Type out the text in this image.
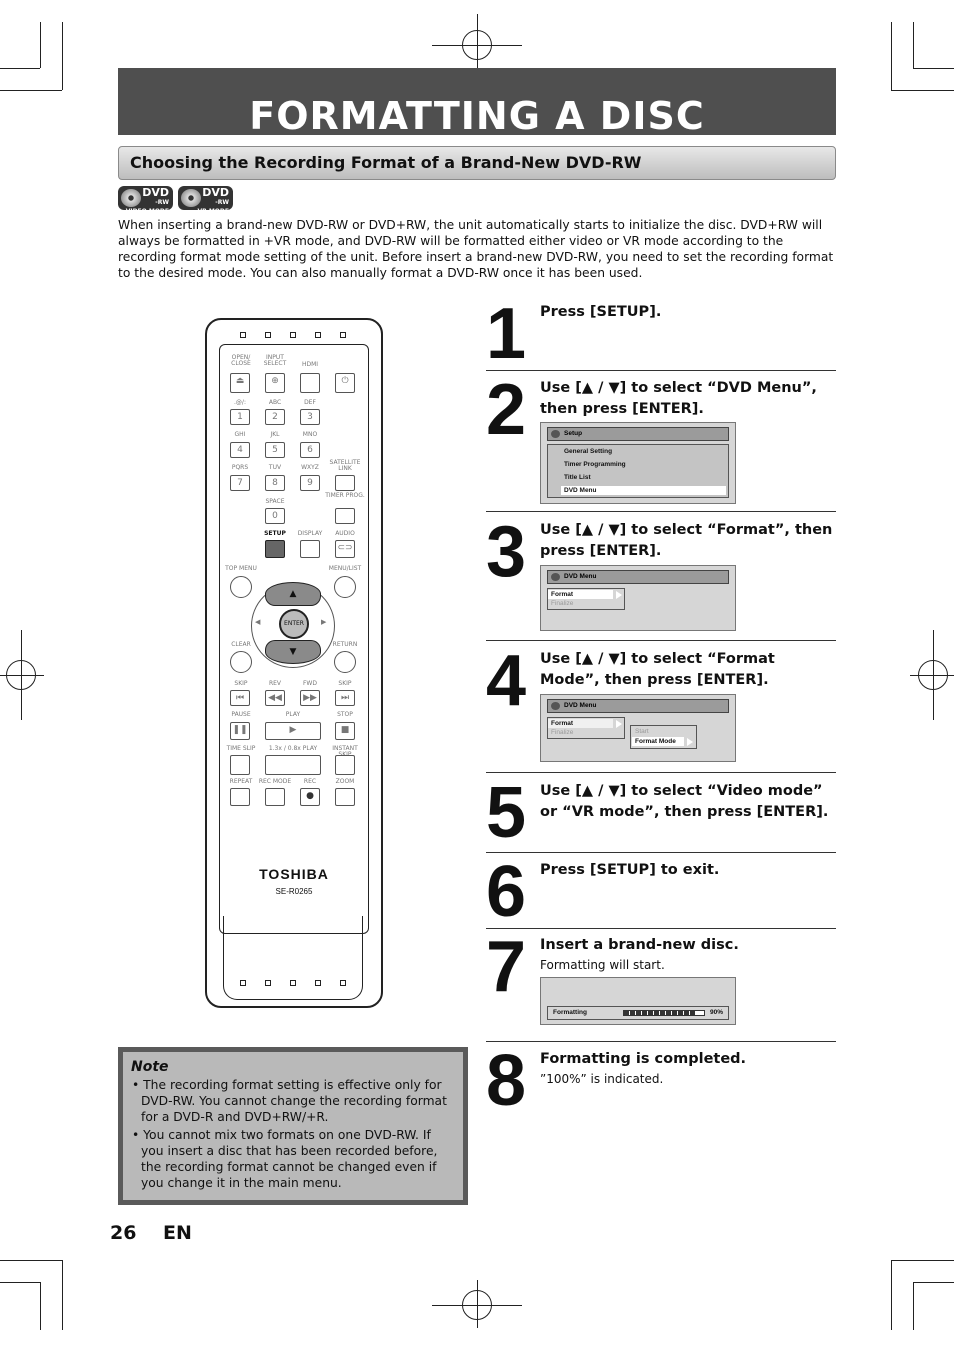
FORMATTING A DISC
Choosing the Recording Format of a Brand-New DVD-RW
DVD
-RW
VIDEO MODE
DVD
-RW
VR MODE

When inserting a brand-new DVD-RW or DVD+RW, the unit automatically starts to initialize the disc. DVD+RW will always be formatted in +VR mode, and DVD-RW will be formatted either video or VR mode according to the recording format mode setting of the unit. Before insert a brand-new DVD-RW, you need to set the recording format to the desired mode. You can also manually format a DVD-RW once it has been used.

OPEN/ CLOSE
INPUT SELECT	HDMI
⏏	⊕	⏻
.@/:	ABC	DEF
1	2	3
GHI	JKL	MNO
4	5	6
PQRS	TUV	WXYZ
SATELLITE LINK
7	8	9
SPACE
TIMER PROG.
0
SETUP	DISPLAY	AUDIO
⊂⊃
TOP MENU	MENU/LIST
▲
▼
◀	▶
ENTER
CLEAR	RETURN
SKIP	REV	FWD	SKIP
⏮	◀◀	▶▶	⏭
PAUSE	PLAY	STOP
❚❚	▶	■
TIME SLIP	1.3x / 0.8x PLAY	INSTANT
REPEAT	REC MODE	REC	ZOOM
●
TOSHIBA
SE-R0265
Note
• The recording format setting is effective only for DVD-RW. You cannot change the recording format for a DVD-R and DVD+RW/+R.
• You cannot mix two formats on one DVD-RW. If you insert a disc that has been recorded before, the recording format cannot be changed even if you change it in the main menu.
26 EN
1 Press [SETUP].
2 Use [▲ / ▼] to select “DVD Menu”, then press [ENTER].
Setup
General Setting
Timer Programming
Title List
DVD Menu
3 Use [▲ / ▼] to select “Format”, then press [ENTER].
DVD Menu
Format
Finalize
4 Use [▲ / ▼] to select “Format Mode”, then press [ENTER].
DVD Menu
Format
Finalize	Start
Format Mode
5 Use [▲ / ▼] to select “Video mode” or “VR mode”, then press [ENTER].
6 Press [SETUP] to exit.
7 Insert a brand-new disc.
Formatting will start.
Formatting	90%
8 Formatting is completed.
”100%” is indicated.
